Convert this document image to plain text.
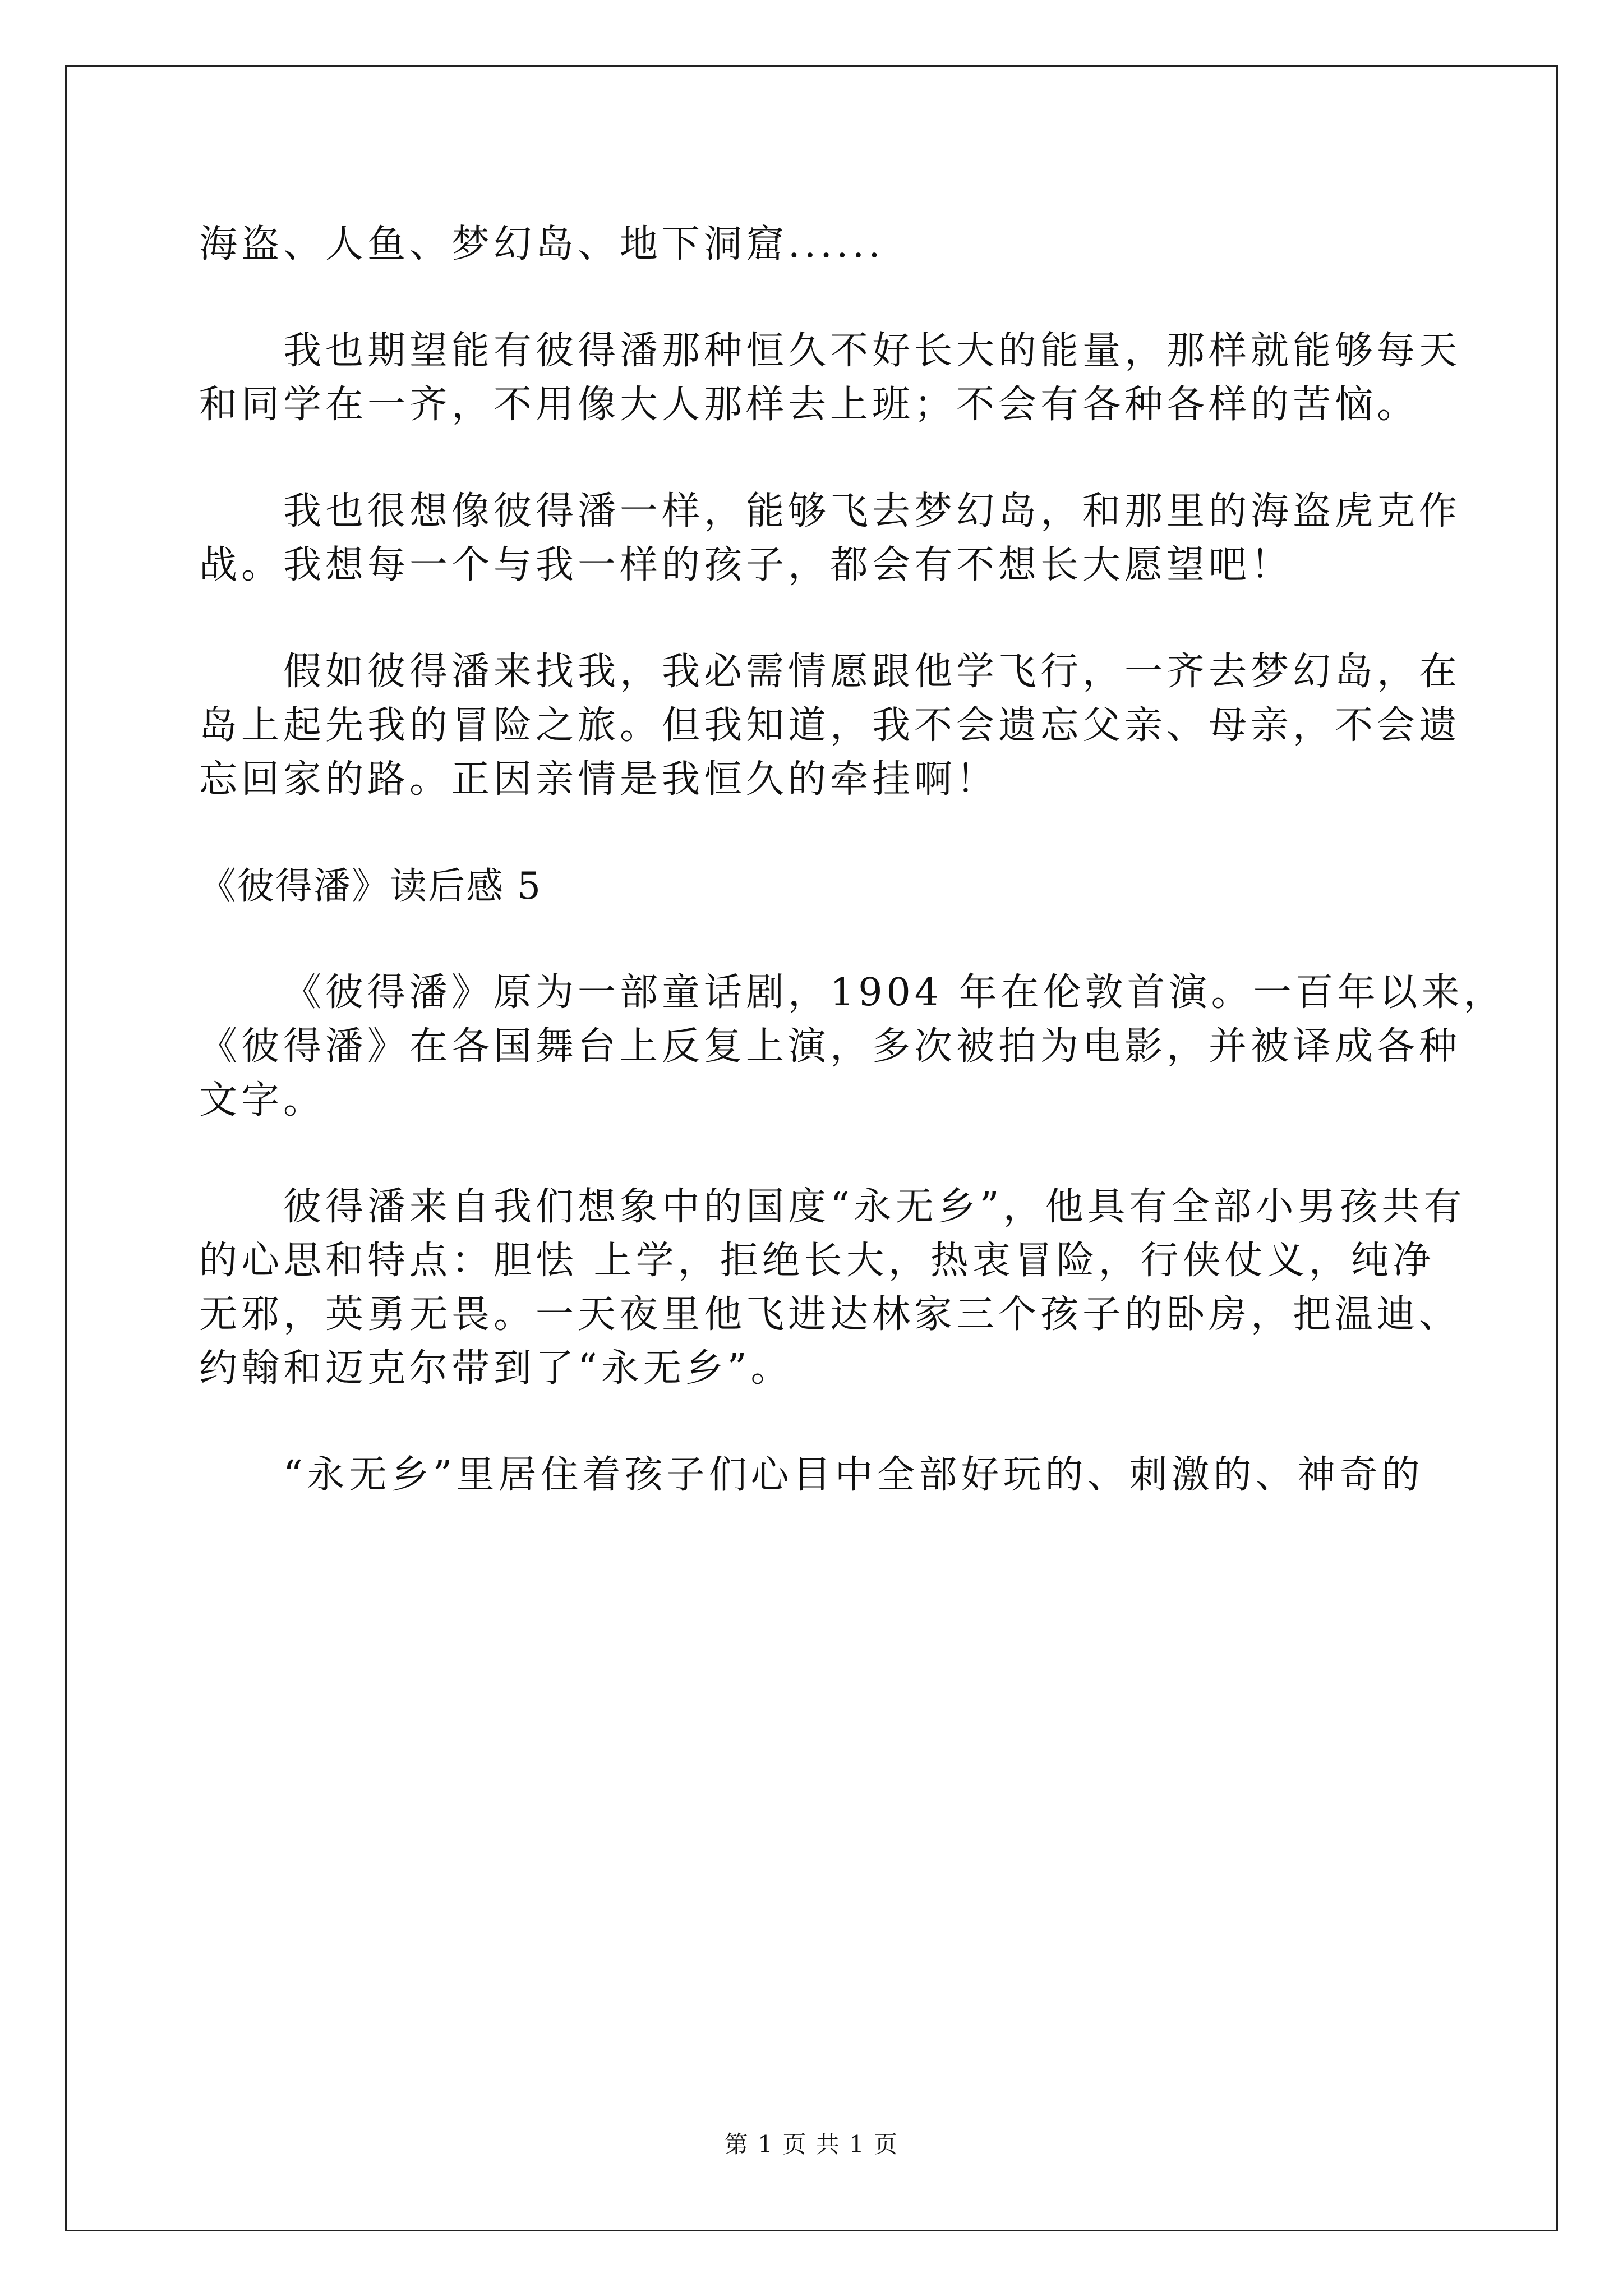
海盗、人鱼、梦幻岛、地下洞窟......

我也期望能有彼得潘那种恒久不好长大的能量，那样就能够每天

和同学在一齐，不用像大人那样去上班；不会有各种各样的苦恼。

我也很想像彼得潘一样，能够飞去梦幻岛，和那里的海盗虎克作

战。我想每一个与我一样的孩子，都会有不想长大愿望吧！

假如彼得潘来找我，我必需情愿跟他学飞行，一齐去梦幻岛，在

岛上起先我的冒险之旅。但我知道，我不会遗忘父亲、母亲，不会遗

忘回家的路。正因亲情是我恒久的牵挂啊！

《彼得潘》读后感 5

《彼得潘》原为一部童话剧，1904 年在伦敦首演。一百年以来，

《彼得潘》在各国舞台上反复上演，多次被拍为电影，并被译成各种

文字。

彼得潘来自我们想象中的国度“永无乡”，他具有全部小男孩共有

的心思和特点：胆怯 上学，拒绝长大，热衷冒险，行侠仗义，纯净

无邪，英勇无畏。一天夜里他飞进达林家三个孩子的卧房，把温迪、

约翰和迈克尔带到了“永无乡”。

“永无乡”里居住着孩子们心目中全部好玩的、刺激的、神奇的

第 1 页 共 1 页
